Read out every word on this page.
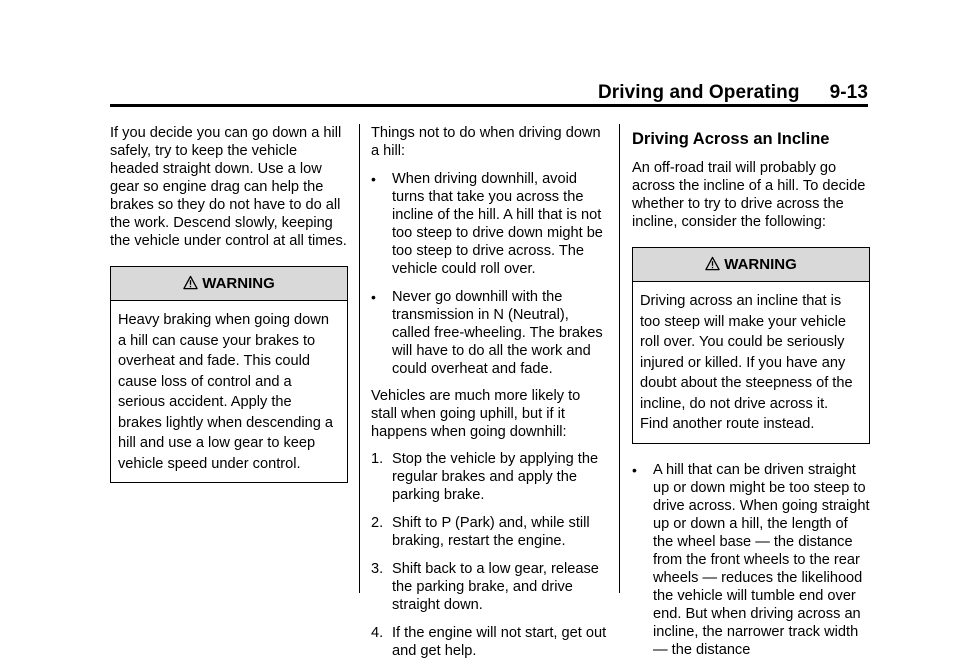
Driving and Operating 9-13

If you decide you can go down a hill safely, try to keep the vehicle headed straight down. Use a low gear so engine drag can help the brakes so they do not have to do all the work. Descend slowly, keeping the vehicle under control at all times.

WARNING
Heavy braking when going down
a hill can cause your brakes to
overheat and fade. This could
cause loss of control and a
serious accident. Apply the
brakes lightly when descending a
hill and use a low gear to keep
vehicle speed under control.

Things not to do when driving down a hill:

• When driving downhill, avoid turns that take you across the incline of the hill. A hill that is not too steep to drive down might be too steep to drive across. The vehicle could roll over.
• Never go downhill with the transmission in N (Neutral), called free-wheeling. The brakes will have to do all the work and could overheat and fade.

Vehicles are much more likely to stall when going uphill, but if it happens when going downhill:

1. Stop the vehicle by applying the regular brakes and apply the parking brake.
2. Shift to P (Park) and, while still braking, restart the engine.
3. Shift back to a low gear, release the parking brake, and drive straight down.
4. If the engine will not start, get out and get help.
Driving Across an Incline

An off-road trail will probably go across the incline of a hill. To decide whether to try to drive across the incline, consider the following:

WARNING
Driving across an incline that is
too steep will make your vehicle
roll over. You could be seriously
injured or killed. If you have any
doubt about the steepness of the
incline, do not drive across it.
Find another route instead.
• A hill that can be driven straight up or down might be too steep to drive across. When going straight up or down a hill, the length of the wheel base — the distance from the front wheels to the rear wheels — reduces the likelihood the vehicle will tumble end over end. But when driving across an incline, the narrower track width — the distance
